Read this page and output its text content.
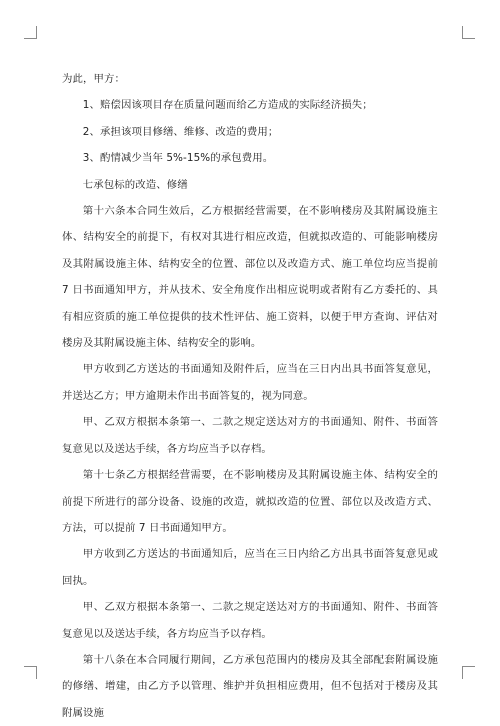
为此，甲方：

1、赔偿因该项目存在质量问题而给乙方造成的实际经济损失；

2、承担该项目修缮、维修、改造的费用；

3、酌情减少当年 5%-15%的承包费用。

七承包标的改造、修缮

第十六条本合同生效后，乙方根据经营需要，在不影响楼房及其附属设施主体、结构安全的前提下，有权对其进行相应改造，但就拟改造的、可能影响楼房及其附属设施主体、结构安全的位置、部位以及改造方式、施工单位均应当提前 7 日书面通知甲方，并从技术、安全角度作出相应说明或者附有乙方委托的、具有相应资质的施工单位提供的技术性评估、施工资料，以便于甲方查询、评估对楼房及其附属设施主体、结构安全的影响。

甲方收到乙方送达的书面通知及附件后，应当在三日内出具书面答复意见，并送达乙方；甲方逾期未作出书面答复的，视为同意。

甲、乙双方根据本条第一、二款之规定送达对方的书面通知、附件、书面答复意见以及送达手续，各方均应当予以存档。

第十七条乙方根据经营需要，在不影响楼房及其附属设施主体、结构安全的前提下所进行的部分设备、设施的改造，就拟改造的位置、部位以及改造方式、方法，可以提前 7 日书面通知甲方。

甲方收到乙方送达的书面通知后，应当在三日内给乙方出具书面答复意见或回执。

甲、乙双方根据本条第一、二款之规定送达对方的书面通知、附件、书面答复意见以及送达手续，各方均应当予以存档。

第十八条在本合同履行期间，乙方承包范围内的楼房及其全部配套附属设施的修缮、增建，由乙方予以管理、维护并负担相应费用，但不包括对于楼房及其附属设施
